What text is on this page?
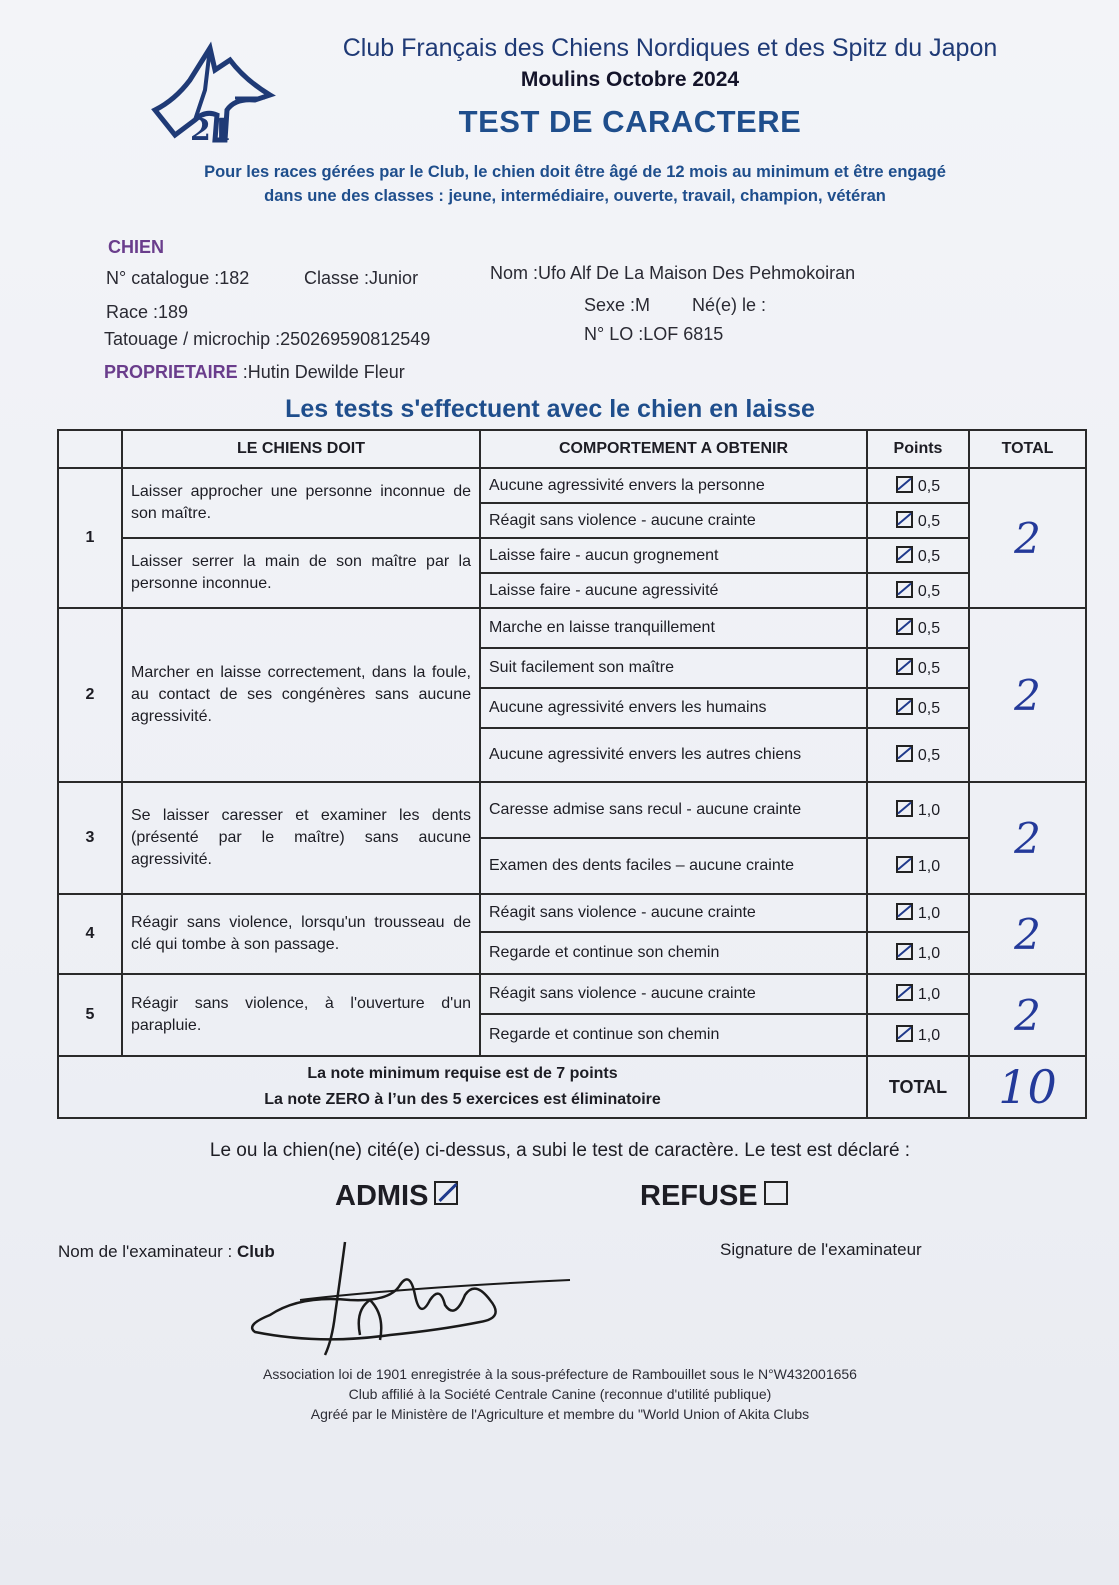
21
Club Français des Chiens Nordiques et des Spitz du Japon
Moulins Octobre 2024
TEST DE CARACTERE
Pour les races gérées par le Club, le chien doit être âgé de 12 mois au minimum et être engagé
dans une des classes : jeune, intermédiaire, ouverte, travail, champion, vétéran
CHIEN
N° catalogue :182	Classe :Junior	Nom :Ufo Alf De La Maison Des Pehmokoiran
Race :189	Sexe :M Né(e) le :
Tatouage / microchip :250269590812549	N° LO :LOF 6815
PROPRIETAIRE :Hutin Dewilde Fleur
Les tests s'effectuent avec le chien en laisse
	LE CHIENS DOIT	COMPORTEMENT A OBTENIR	Points	TOTAL
1	Laisser approcher une personne inconnue de son maître.	Aucune agressivité envers la personne	0,5	2
		Réagit sans violence - aucune crainte	0,5	
	Laisser serrer la main de son maître par la personne inconnue.	Laisse faire - aucun grognement	0,5	
		Laisse faire - aucune agressivité	0,5	
2	Marcher en laisse correctement, dans la foule, au contact de ses congénères sans aucune agressivité.	Marche en laisse tranquillement	0,5	2
		Suit facilement son maître	0,5	
		Aucune agressivité envers les humains	0,5	
		Aucune agressivité envers les autres chiens	0,5	
3	Se laisser caresser et examiner les dents (présenté par le maître) sans aucune agressivité.	Caresse admise sans recul - aucune crainte	1,0	2
		Examen des dents faciles – aucune crainte	1,0	
4	Réagir sans violence, lorsqu'un trousseau de clé qui tombe à son passage.	Réagit sans violence - aucune crainte	1,0	2
		Regarde et continue son chemin	1,0	
5	Réagir sans violence, à l'ouverture d'un parapluie.	Réagit sans violence - aucune crainte	1,0	2
		Regarde et continue son chemin	1,0	

La note minimum requise est de 7 points
La note ZERO à l’un des 5 exercices est éliminatoire			TOTAL	10
Le ou la chien(ne) cité(e) ci-dessus, a subi le test de caractère. Le test est déclaré :
ADMIS	REFUSE
Nom de l'examinateur : Club	Signature de l'examinateur
Association loi de 1901 enregistrée à la sous-préfecture de Rambouillet sous le N°W432001656
Club affilié à la Société Centrale Canine (reconnue d'utilité publique)
Agréé par le Ministère de l'Agriculture et membre du "World Union of Akita Clubs
